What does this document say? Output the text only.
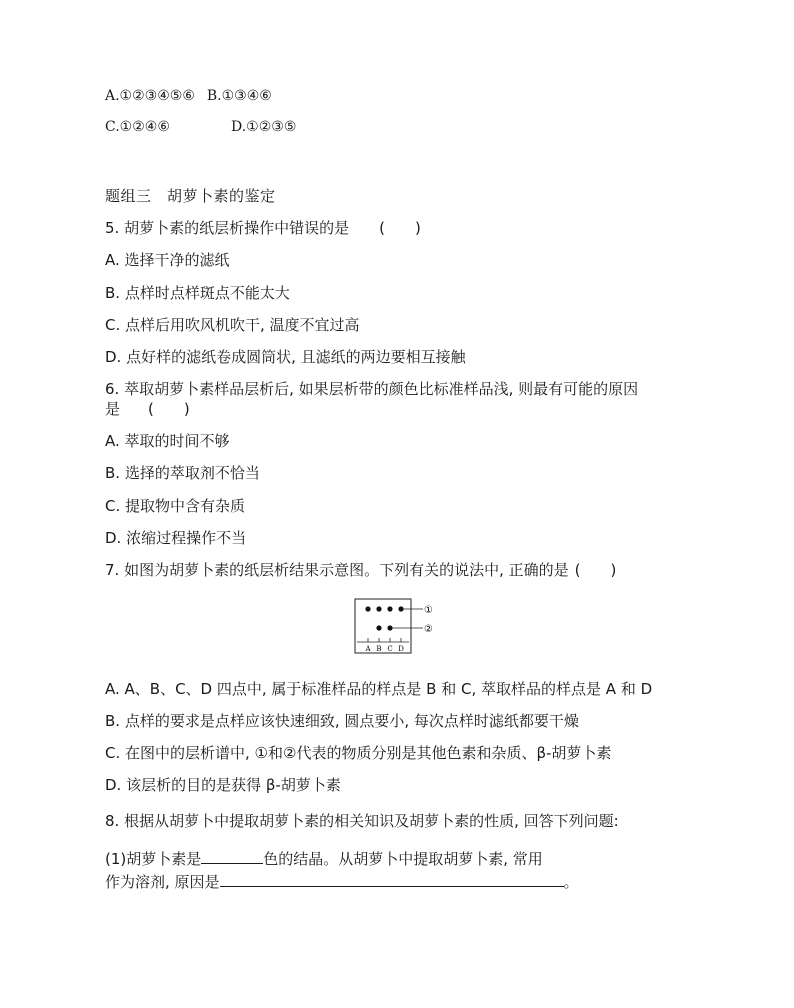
A.①②③④⑤⑥ B.①③④⑥
C.①②④⑥	D.①②③⑤
题组三　胡萝卜素的鉴定
5. 胡萝卜素的纸层析操作中错误的是 (　　)
A. 选择干净的滤纸
B. 点样时点样斑点不能太大
C. 点样后用吹风机吹干, 温度不宜过高
D. 点好样的滤纸卷成圆筒状, 且滤纸的两边要相互接触
6. 萃取胡萝卜素样品层析后, 如果层析带的颜色比标准样品浅, 则最有可能的原因
是 (　　)
A. 萃取的时间不够
B. 选择的萃取剂不恰当
C. 提取物中含有杂质
D. 浓缩过程操作不当
7. 如图为胡萝卜素的纸层析结果示意图。下列有关的说法中, 正确的是 (　　)
①
②
A B C D
A. A、B、C、D 四点中, 属于标准样品的样点是 B 和 C, 萃取样品的样点是 A 和 D
B. 点样的要求是点样应该快速细致, 圆点要小, 每次点样时滤纸都要干燥
C. 在图中的层析谱中, ①和②代表的物质分别是其他色素和杂质、β-胡萝卜素
D. 该层析的目的是获得 β-胡萝卜素
8. 根据从胡萝卜中提取胡萝卜素的相关知识及胡萝卜素的性质, 回答下列问题:
(1)胡萝卜素是	色的结晶。从胡萝卜中提取胡萝卜素, 常用
作为溶剂, 原因是	。
